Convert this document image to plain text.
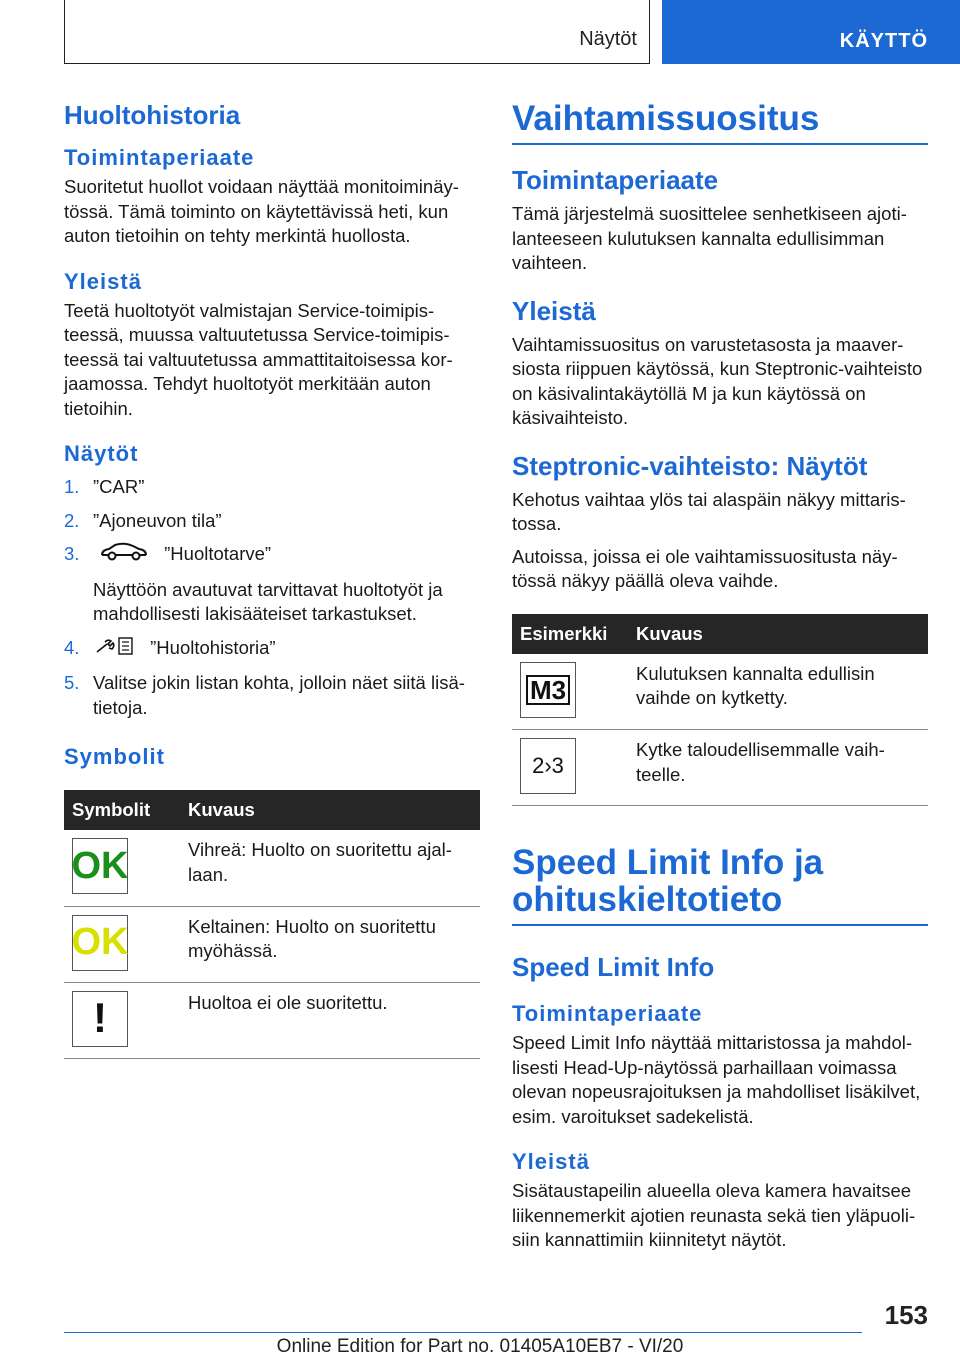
Näytöt	KÄYTTÖ
Huoltohistoria
Toimintaperiaate
Suoritetut huollot voidaan näyttää monitoiminäytössä. Tämä toiminto on käytettävissä heti, kun auton tietoihin on tehty merkintä huollosta.
Yleistä
Teetä huoltotyöt valmistajan Service-toimipisteessä, muussa valtuutetussa Service-toimipisteessä tai valtuutetussa ammattitaitoisessa korjaamossa. Tehdyt huoltotyöt merkitään auton tietoihin.
Näytöt
1. ”CAR”
2. ”Ajoneuvon tila”
3.	”Huoltotarve”
Näyttöön avautuvat tarvittavat huoltotyöt ja mahdollisesti lakisääteiset tarkastukset.
4.	”Huoltohistoria”
5. Valitse jokin listan kohta, jolloin näet siitä lisätietoja.
Symbolit
Symbolit	Kuvaus

OK	Vihreä: Huolto on suoritettu ajallaan.

OK	Keltainen: Huolto on suoritettu myöhässä.

!	Huoltoa ei ole suoritettu.
Vaihtamissuositus
Toimintaperiaate
Tämä järjestelmä suosittelee senhetkiseen ajotilanteeseen kulutuksen kannalta edullisimman vaihteen.
Yleistä
Vaihtamissuositus on varustetasosta ja maaversiosta riippuen käytössä, kun Steptronic-vaihteisto on käsivalintakäytöllä M ja kun käytössä on käsivaihteisto.
Steptronic-vaihteisto: Näytöt
Kehotus vaihtaa ylös tai alaspäin näkyy mittaristossa.
Autoissa, joissa ei ole vaihtamissuositusta näytössä näkyy päällä oleva vaihde.
Esimerkki	Kuvaus

M3	Kulutuksen kannalta edullisin vaihde on kytketty.

2›3	Kytke taloudellisemmalle vaihteelle.
Speed Limit Info ja ohituskieltotieto
Speed Limit Info
Toimintaperiaate
Speed Limit Info näyttää mittaristossa ja mahdollisesti Head-Up-näytössä parhaillaan voimassa olevan nopeusrajoituksen ja mahdolliset lisäkilvet, esim. varoitukset sadekelistä.
Yleistä
Sisätaustapeilin alueella oleva kamera havaitsee liikennemerkit ajotien reunasta sekä tien yläpuolisiin kannattimiin kiinnitetyt näytöt.
153
Online Edition for Part no. 01405A10EB7 - VI/20
